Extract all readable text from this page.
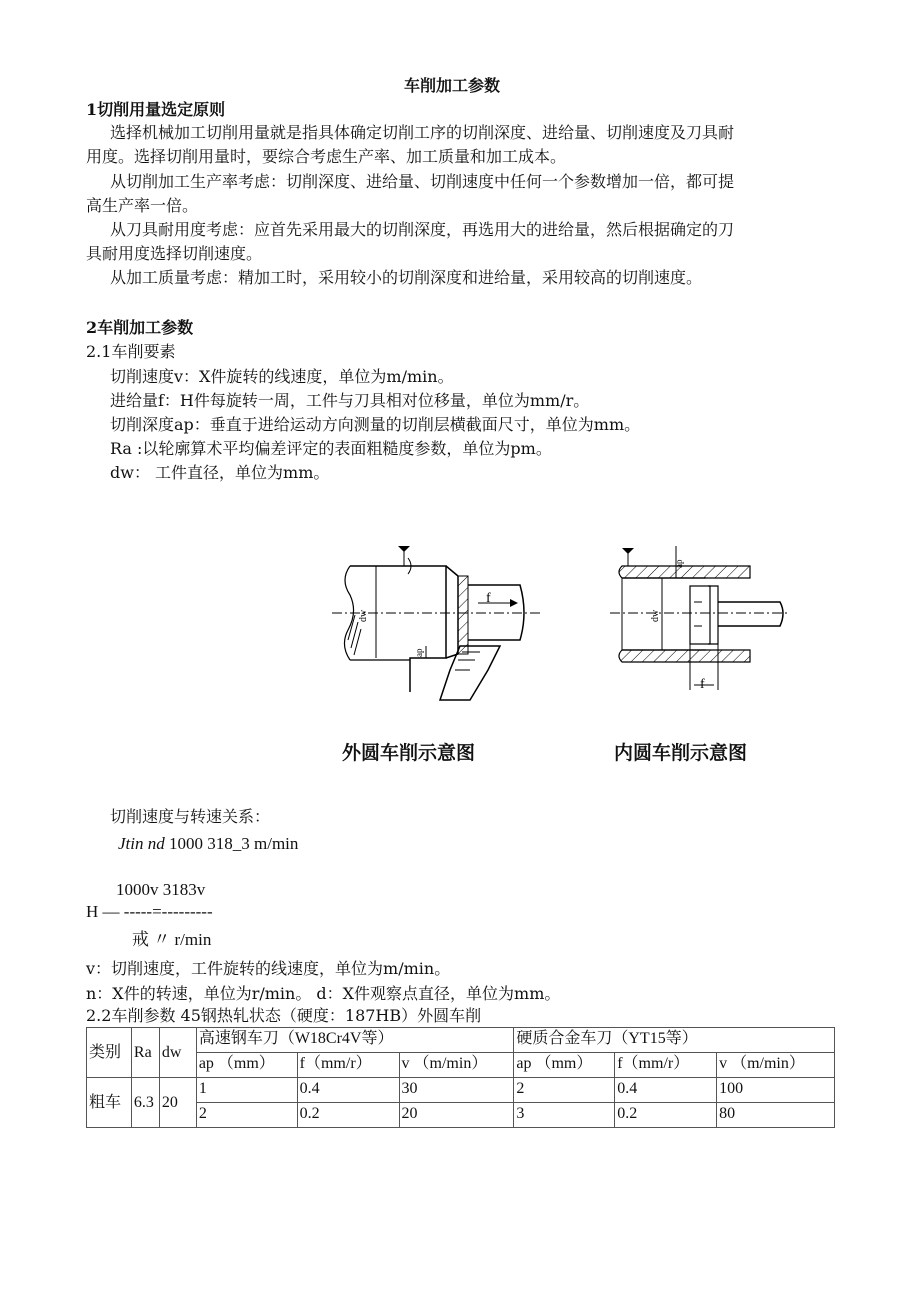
车削加工参数
1切削用量选定原则
选择机械加工切削用量就是指具体确定切削工序的切削深度、进给量、切削速度及刀具耐
用度。选择切削用量时，要综合考虑生产率、加工质量和加工成本。
从切削加工生产率考虑：切削深度、进给量、切削速度中任何一个参数增加一倍，都可提
高生产率一倍。
从刀具耐用度考虑：应首先采用最大的切削深度，再选用大的进给量，然后根据确定的刀
具耐用度选择切削速度。
从加工质量考虑：精加工时，采用较小的切削深度和进给量，采用较高的切削速度。
2车削加工参数
2.1车削要素
切削速度v：X件旋转的线速度，单位为m/min。
进给量f：H件每旋转一周，工件与刀具相对位移量，单位为mm/r。
切削深度ap：垂直于进给运动方向测量的切削层横截面尺寸，单位为mm。
Ra :以轮廓算术平均偏差评定的表面粗糙度参数，单位为pm。
dw： 工件直径，单位为mm。
f
dw
ap
f
dw
ap
外圆车削示意图	内圆车削示意图
切削速度与转速关系：
Jtin nd 1000 318_3 m/min
1000v 3183v
H — -----=---------
戒 〃 r/min
v：切削速度，工件旋转的线速度，单位为m/min。
n：X件的转速，单位为r/min。 d：X件观察点直径，单位为mm。
2.2车削参数 45钢热轧状态（硬度：187HB）外圆车削
类别	Ra	dw	高速钢车刀（W18Cr4V等）			硬质合金车刀（YT15等）		
			ap （mm）	f（mm/r）	v （m/min）	ap （mm）	f（mm/r）	v （m/min）
粗车	6.3	20	1	0.4	30	2	0.4	100
			2	0.2	20	3	0.2	80
